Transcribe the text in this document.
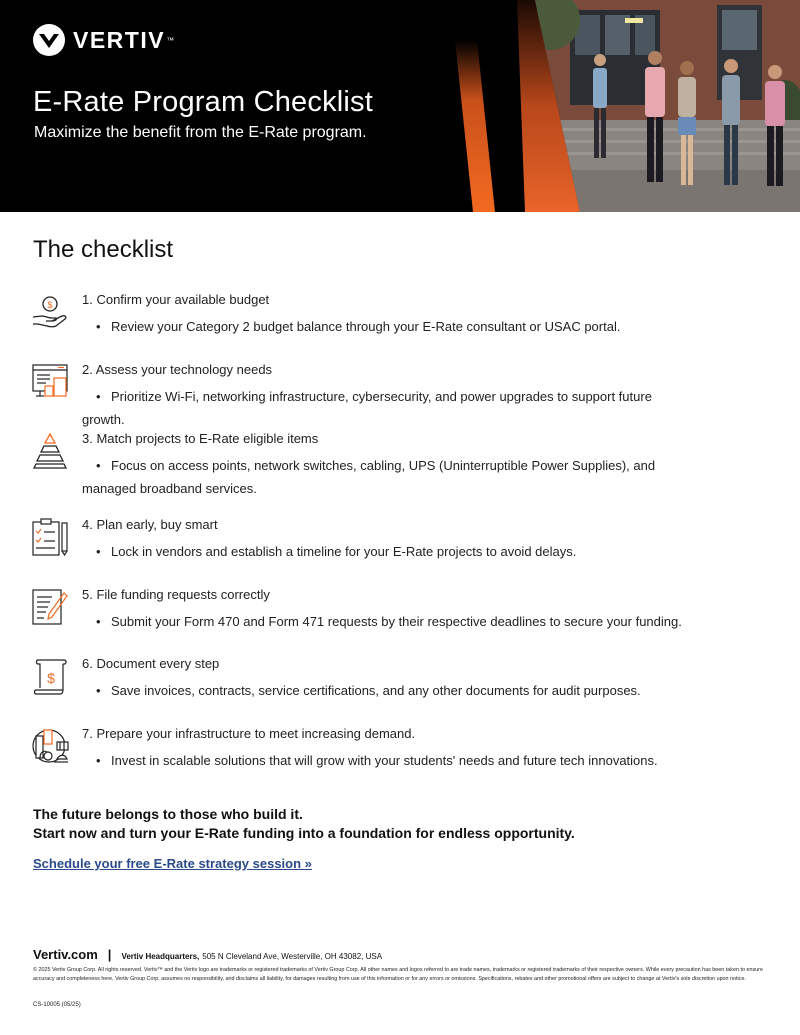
VERTIV ™
E-Rate Program Checklist

Maximize the benefit from the E-Rate program.

The checklist
$ 1. Confirm your available budget

• Review your Category 2 budget balance through your E-Rate consultant or USAC portal.

2. Assess your technology needs

• Prioritize Wi-Fi, networking infrastructure, cybersecurity, and power upgrades to support future growth.

3. Match projects to E-Rate eligible items

• Focus on access points, network switches, cabling, UPS (Uninterruptible Power Supplies), and managed broadband services.

4. Plan early, buy smart

• Lock in vendors and establish a timeline for your E-Rate projects to avoid delays.

5. File funding requests correctly

• Submit your Form 470 and Form 471 requests by their respective deadlines to secure your funding.

$

6. Document every step

• Save invoices, contracts, service certifications, and any other documents for audit purposes.

7. Prepare your infrastructure to meet increasing demand.

• Invest in scalable solutions that will grow with your students' needs and future tech innovations.

The future belongs to those who build it.
Start now and turn your E-Rate funding into a foundation for endless opportunity.

Schedule your free E-Rate strategy session »
Vertiv.com | Vertiv Headquarters, 505 N Cleveland Ave, Westerville, OH 43082, USA

© 2025 Vertiv Group Corp. All rights reserved. Vertiv™ and the Vertiv logo are trademarks or registered trademarks of Vertiv Group Corp. All other names and logos referred to are trade names, trademarks or registered trademarks of their respective owners. While every precaution has been taken to ensure accuracy and completeness here, Vertiv Group Corp. assumes no responsibility, and disclaims all liability, for damages resulting from use of this information or for any errors or omissions. Specifications, rebates and other promotional offers are subject to change at Vertiv's sole discretion upon notice.

CS-10005 (05/25)
